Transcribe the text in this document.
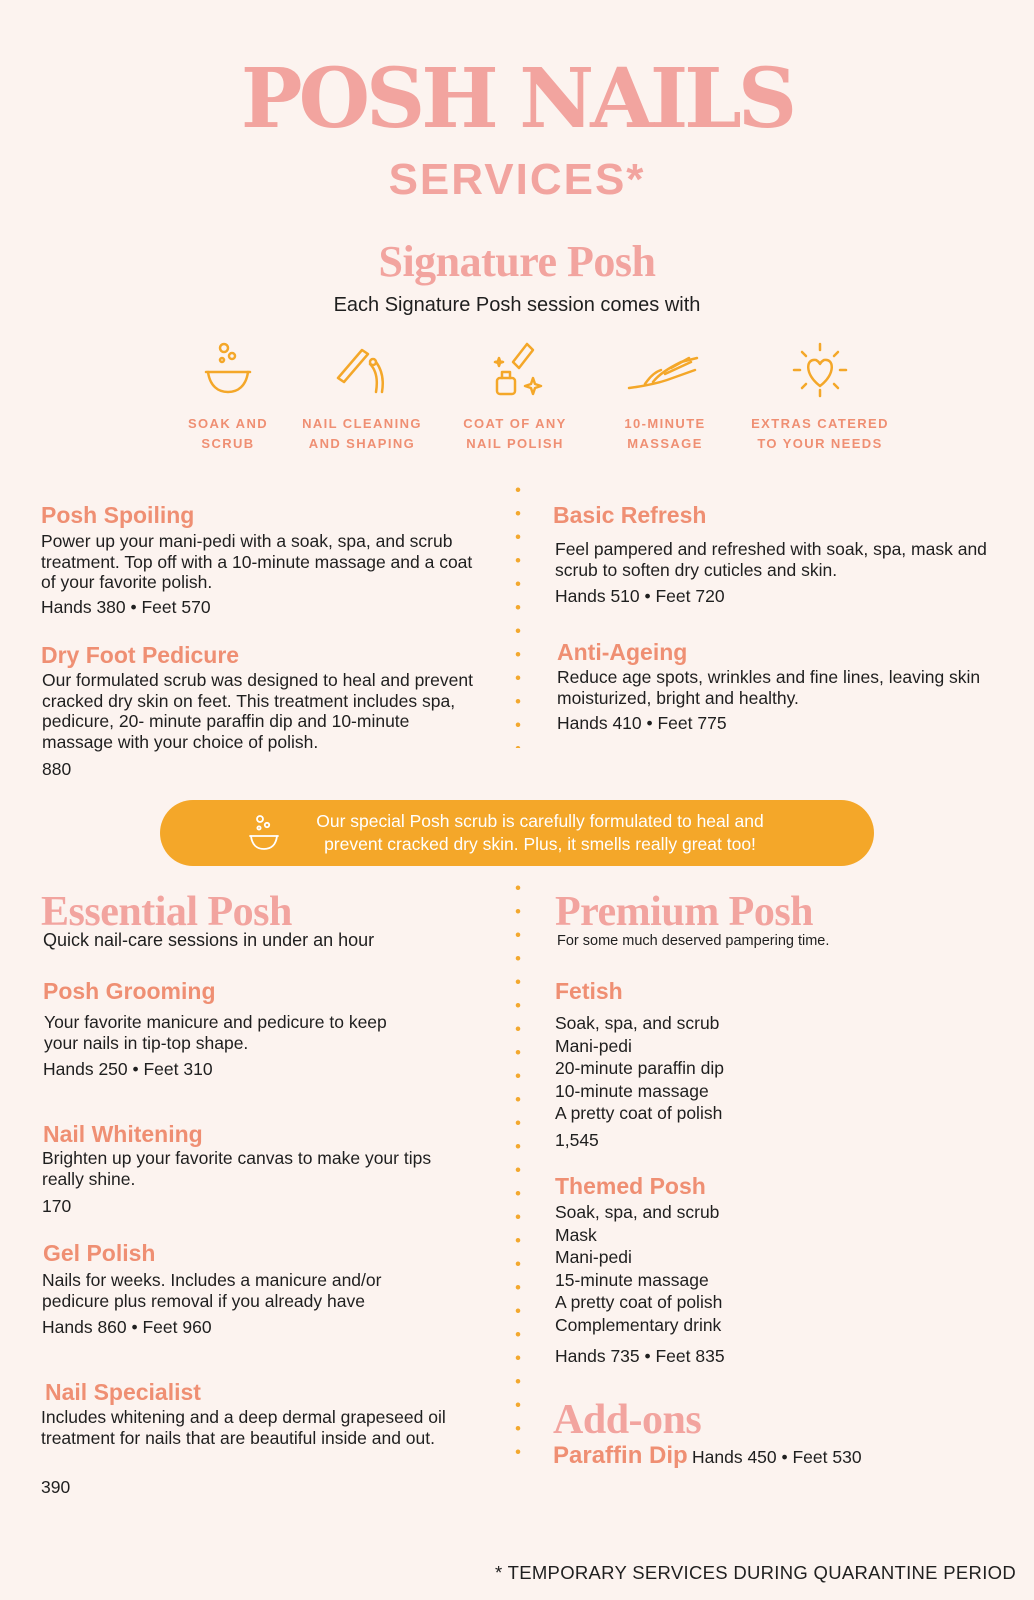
POSH NAILS
SERVICES*
Signature Posh
Each Signature Posh session comes with
SOAK AND
SCRUB
NAIL CLEANING
AND SHAPING
COAT OF ANY
NAIL POLISH
10-MINUTE
MASSAGE
EXTRAS CATERED
TO YOUR NEEDS
Posh Spoiling
Power up your mani-pedi with a soak, spa, and scrub treatment. Top off with a 10-minute massage and a coat of your favorite polish.
Hands 380 • Feet 570
Dry Foot Pedicure
Our formulated scrub was designed to heal and prevent cracked dry skin on feet. This treatment includes spa, pedicure, 20- minute paraffin dip and 10-minute massage with your choice of polish.
880
Basic Refresh
Feel pampered and refreshed with soak, spa, mask and scrub to soften dry cuticles and skin.
Hands 510 • Feet 720
Anti-Ageing
Reduce age spots, wrinkles and fine lines, leaving skin moisturized, bright and healthy.
Hands 410 • Feet 775
Our special Posh scrub is carefully formulated to heal and prevent cracked dry skin. Plus, it smells really great too!
Essential Posh
Quick nail-care sessions in under an hour
Posh Grooming
Your favorite manicure and pedicure to keep your nails in tip-top shape.
Hands 250 • Feet 310
Nail Whitening
Brighten up your favorite canvas to make your tips really shine.
170
Gel Polish
Nails for weeks. Includes a manicure and/or pedicure plus removal if you already have
Hands 860 • Feet 960
Nail Specialist
Includes whitening and a deep dermal grapeseed oil treatment for nails that are beautiful inside and out.
390
Premium Posh
For some much deserved pampering time.
Fetish
Soak, spa, and scrub
Mani-pedi
20-minute paraffin dip
10-minute massage
A pretty coat of polish
1,545
Themed Posh
Soak, spa, and scrub
Mask
Mani-pedi
15-minute massage
A pretty coat of polish
Complementary drink
Hands 735 • Feet 835
Add-ons
Paraffin Dip Hands 450 • Feet 530
* TEMPORARY SERVICES DURING QUARANTINE PERIOD
